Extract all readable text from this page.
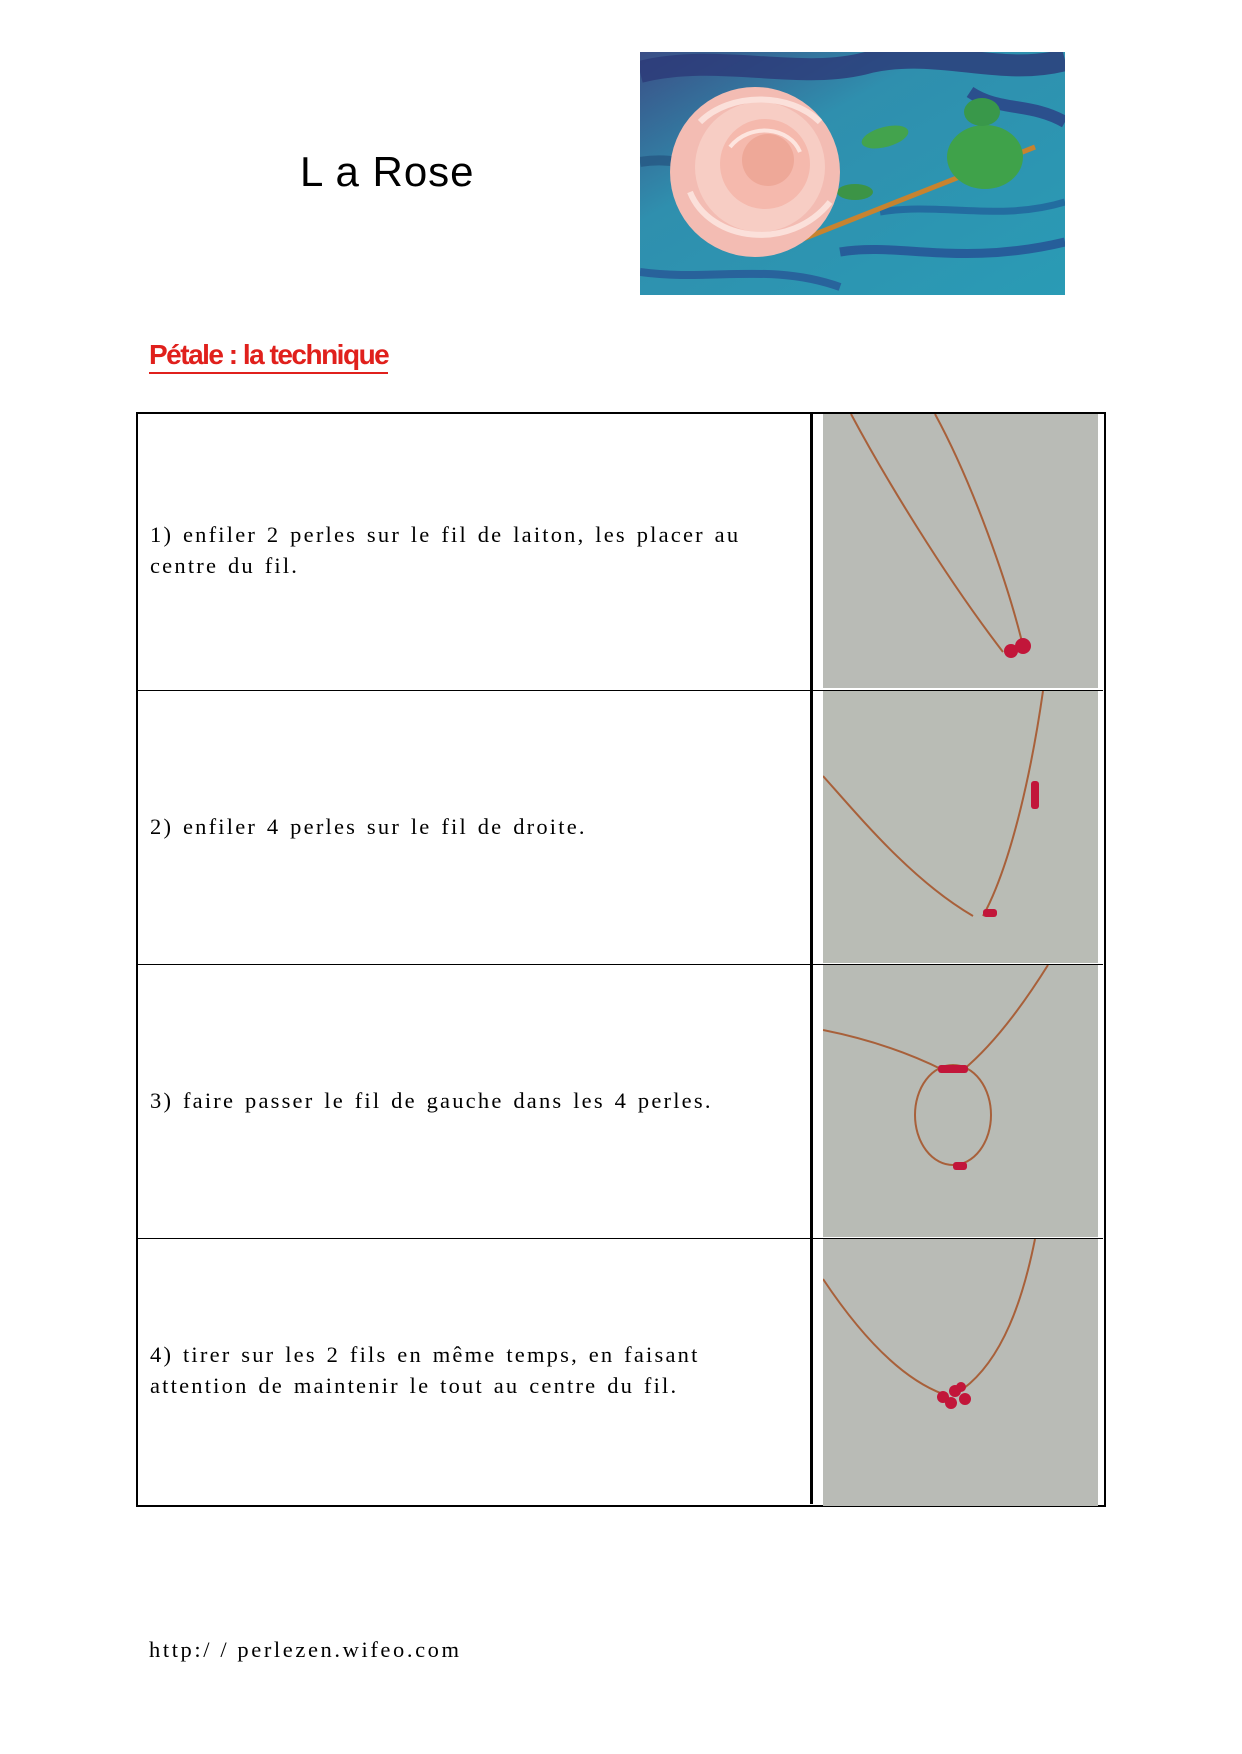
L a Rose
Pétale : la technique
1) enfiler 2 perles sur le fil de laiton, les placer au
centre du fil.
2) enfiler 4 perles sur le fil de droite.
3) faire passer le fil de gauche dans les 4 perles.
4) tirer sur les 2 fils en même temps, en faisant
attention de maintenir le tout au centre du fil.
http:/ / perlezen.wifeo.com
